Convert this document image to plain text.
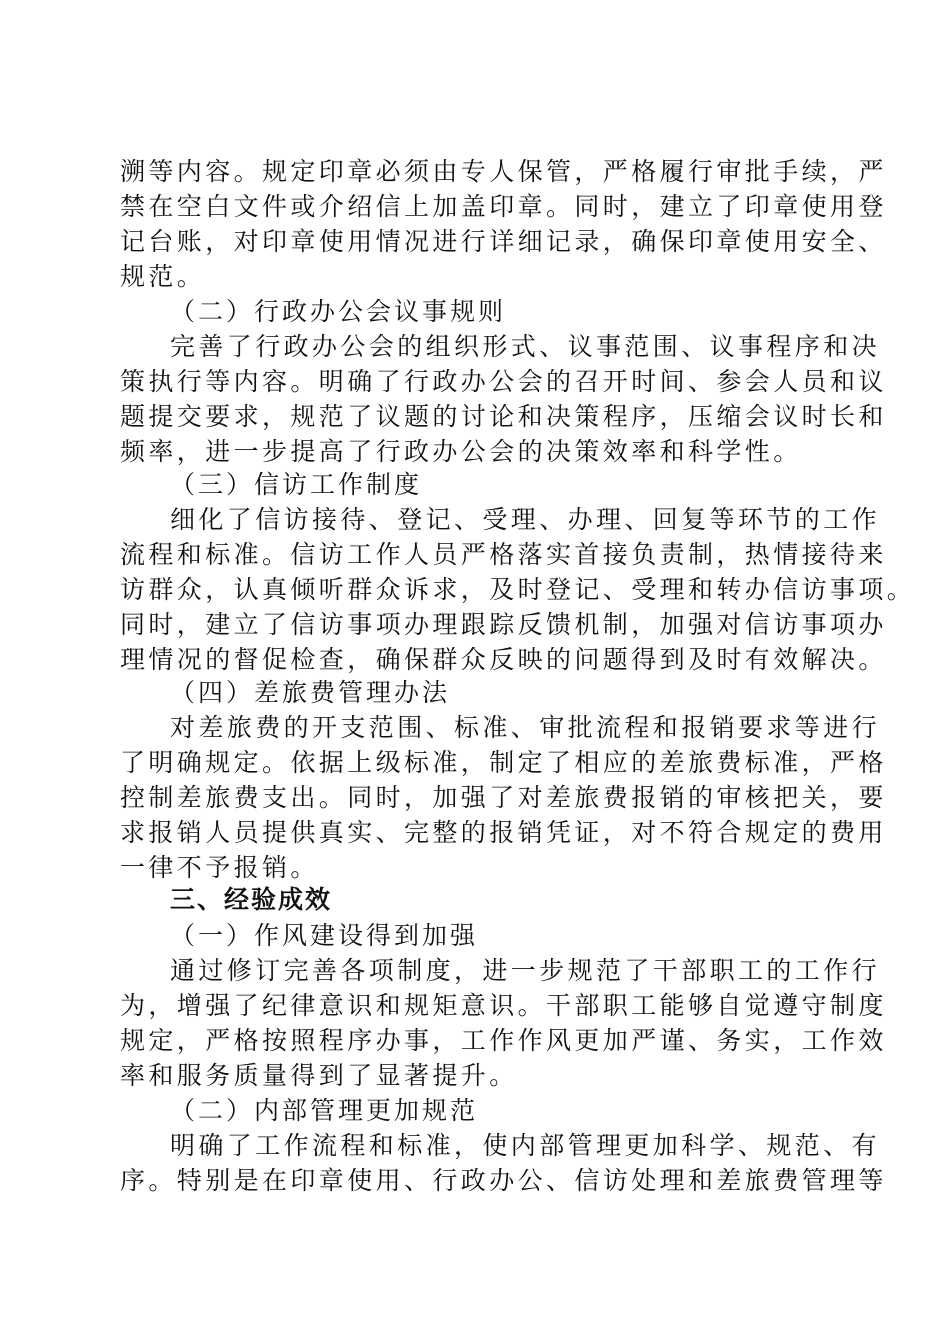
溯等内容。规定印章必须由专人保管，严格履行审批手续，严
禁在空白文件或介绍信上加盖印章。同时，建立了印章使用登
记台账，对印章使用情况进行详细记录，确保印章使用安全、
规范。
（二）行政办公会议事规则
完善了行政办公会的组织形式、议事范围、议事程序和决
策执行等内容。明确了行政办公会的召开时间、参会人员和议
题提交要求，规范了议题的讨论和决策程序，压缩会议时长和
频率，进一步提高了行政办公会的决策效率和科学性。
（三）信访工作制度
细化了信访接待、登记、受理、办理、回复等环节的工作
流程和标准。信访工作人员严格落实首接负责制，热情接待来
访群众，认真倾听群众诉求，及时登记、受理和转办信访事项。
同时，建立了信访事项办理跟踪反馈机制，加强对信访事项办
理情况的督促检查，确保群众反映的问题得到及时有效解决。
（四）差旅费管理办法
对差旅费的开支范围、标准、审批流程和报销要求等进行
了明确规定。依据上级标准，制定了相应的差旅费标准，严格
控制差旅费支出。同时，加强了对差旅费报销的审核把关，要
求报销人员提供真实、完整的报销凭证，对不符合规定的费用
一律不予报销。
三、经验成效
（一）作风建设得到加强
通过修订完善各项制度，进一步规范了干部职工的工作行
为，增强了纪律意识和规矩意识。干部职工能够自觉遵守制度
规定，严格按照程序办事，工作作风更加严谨、务实，工作效
率和服务质量得到了显著提升。
（二）内部管理更加规范
明确了工作流程和标准，使内部管理更加科学、规范、有
序。特别是在印章使用、行政办公、信访处理和差旅费管理等
